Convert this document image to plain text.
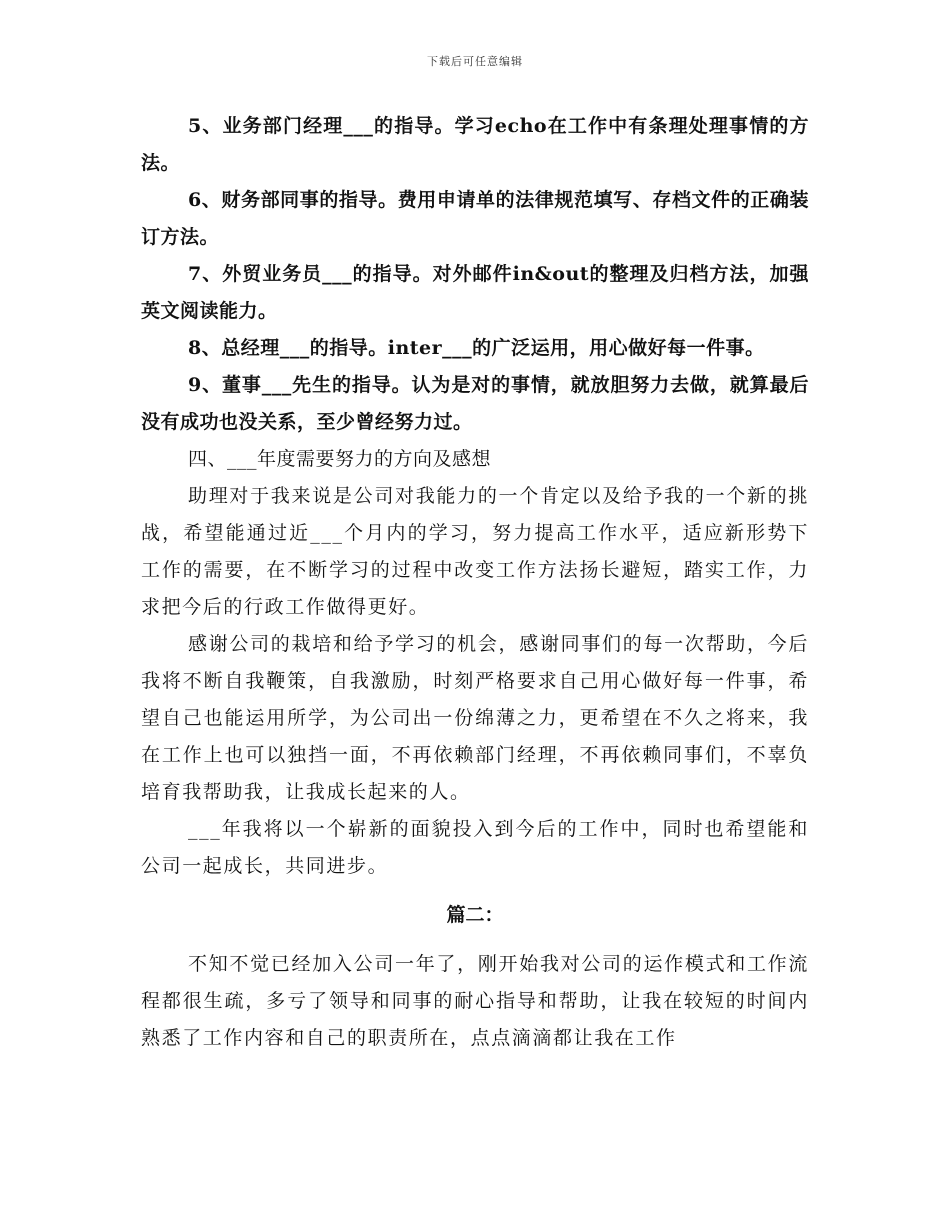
下载后可任意编辑

5、业务部门经理___的指导。学习echo在工作中有条理处理事情的方法。

6、财务部同事的指导。费用申请单的法律规范填写、存档文件的正确装订方法。

7、外贸业务员___的指导。对外邮件in&out的整理及归档方法，加强英文阅读能力。

8、总经理___的指导。inter___的广泛运用，用心做好每一件事。

9、董事___先生的指导。认为是对的事情，就放胆努力去做，就算最后没有成功也没关系，至少曾经努力过。

四、___年度需要努力的方向及感想

助理对于我来说是公司对我能力的一个肯定以及给予我的一个新的挑战，希望能通过近___个月内的学习，努力提高工作水平，适应新形势下工作的需要，在不断学习的过程中改变工作方法扬长避短，踏实工作，力求把今后的行政工作做得更好。

感谢公司的栽培和给予学习的机会，感谢同事们的每一次帮助，今后我将不断自我鞭策，自我激励，时刻严格要求自己用心做好每一件事，希望自己也能运用所学，为公司出一份绵薄之力，更希望在不久之将来，我在工作上也可以独挡一面，不再依赖部门经理，不再依赖同事们，不辜负培育我帮助我，让我成长起来的人。

___年我将以一个崭新的面貌投入到今后的工作中，同时也希望能和公司一起成长，共同进步。

篇二：

不知不觉已经加入公司一年了，刚开始我对公司的运作模式和工作流程都很生疏，多亏了领导和同事的耐心指导和帮助，让我在较短的时间内熟悉了工作内容和自己的职责所在，点点滴滴都让我在工作
